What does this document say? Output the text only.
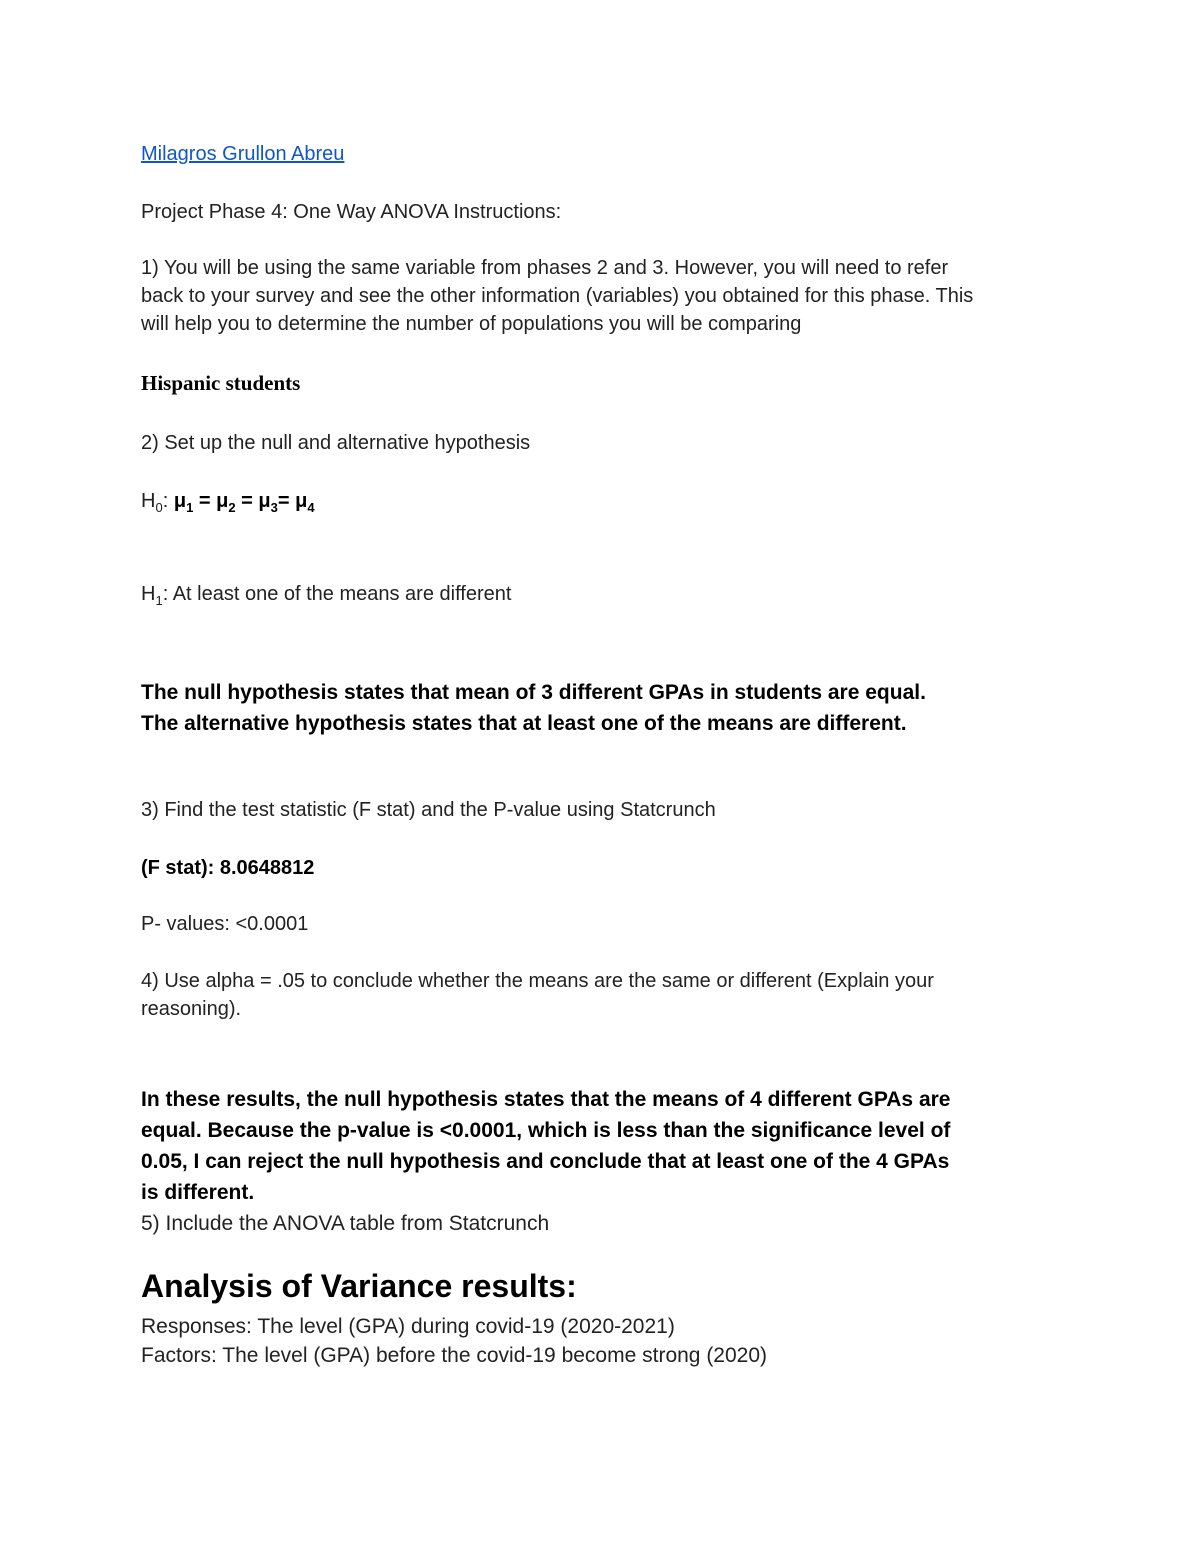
Milagros Grullon Abreu
Project Phase 4: One Way ANOVA Instructions:
1) You will be using the same variable from phases 2 and 3. However, you will need to refer
back to your survey and see the other information (variables) you obtained for this phase. This
will help you to determine the number of populations you will be comparing
Hispanic students
2) Set up the null and alternative hypothesis
$H_0$: $\mu_1 = \mu_2 = \mu_3= \mu_4$
$H_1$: At least one of the means are different
The null hypothesis states that mean of 3 different GPAs in students are equal.
The alternative hypothesis states that at least one of the means are different.
3) Find the test statistic (F stat) and the P-value using Statcrunch
(F stat): 8.0648812
P- values: <0.0001
4) Use alpha = .05 to conclude whether the means are the same or different (Explain your
reasoning).
In these results, the null hypothesis states that the means of 4 different GPAs are
equal. Because the p-value is <0.0001, which is less than the significance level of
0.05, I can reject the null hypothesis and conclude that at least one of the 4 GPAs
is different.
5) Include the ANOVA table from Statcrunch
Analysis of Variance results:
Responses: The level (GPA) during covid-19 (2020-2021)
Factors: The level (GPA) before the covid-19 become strong (2020)
